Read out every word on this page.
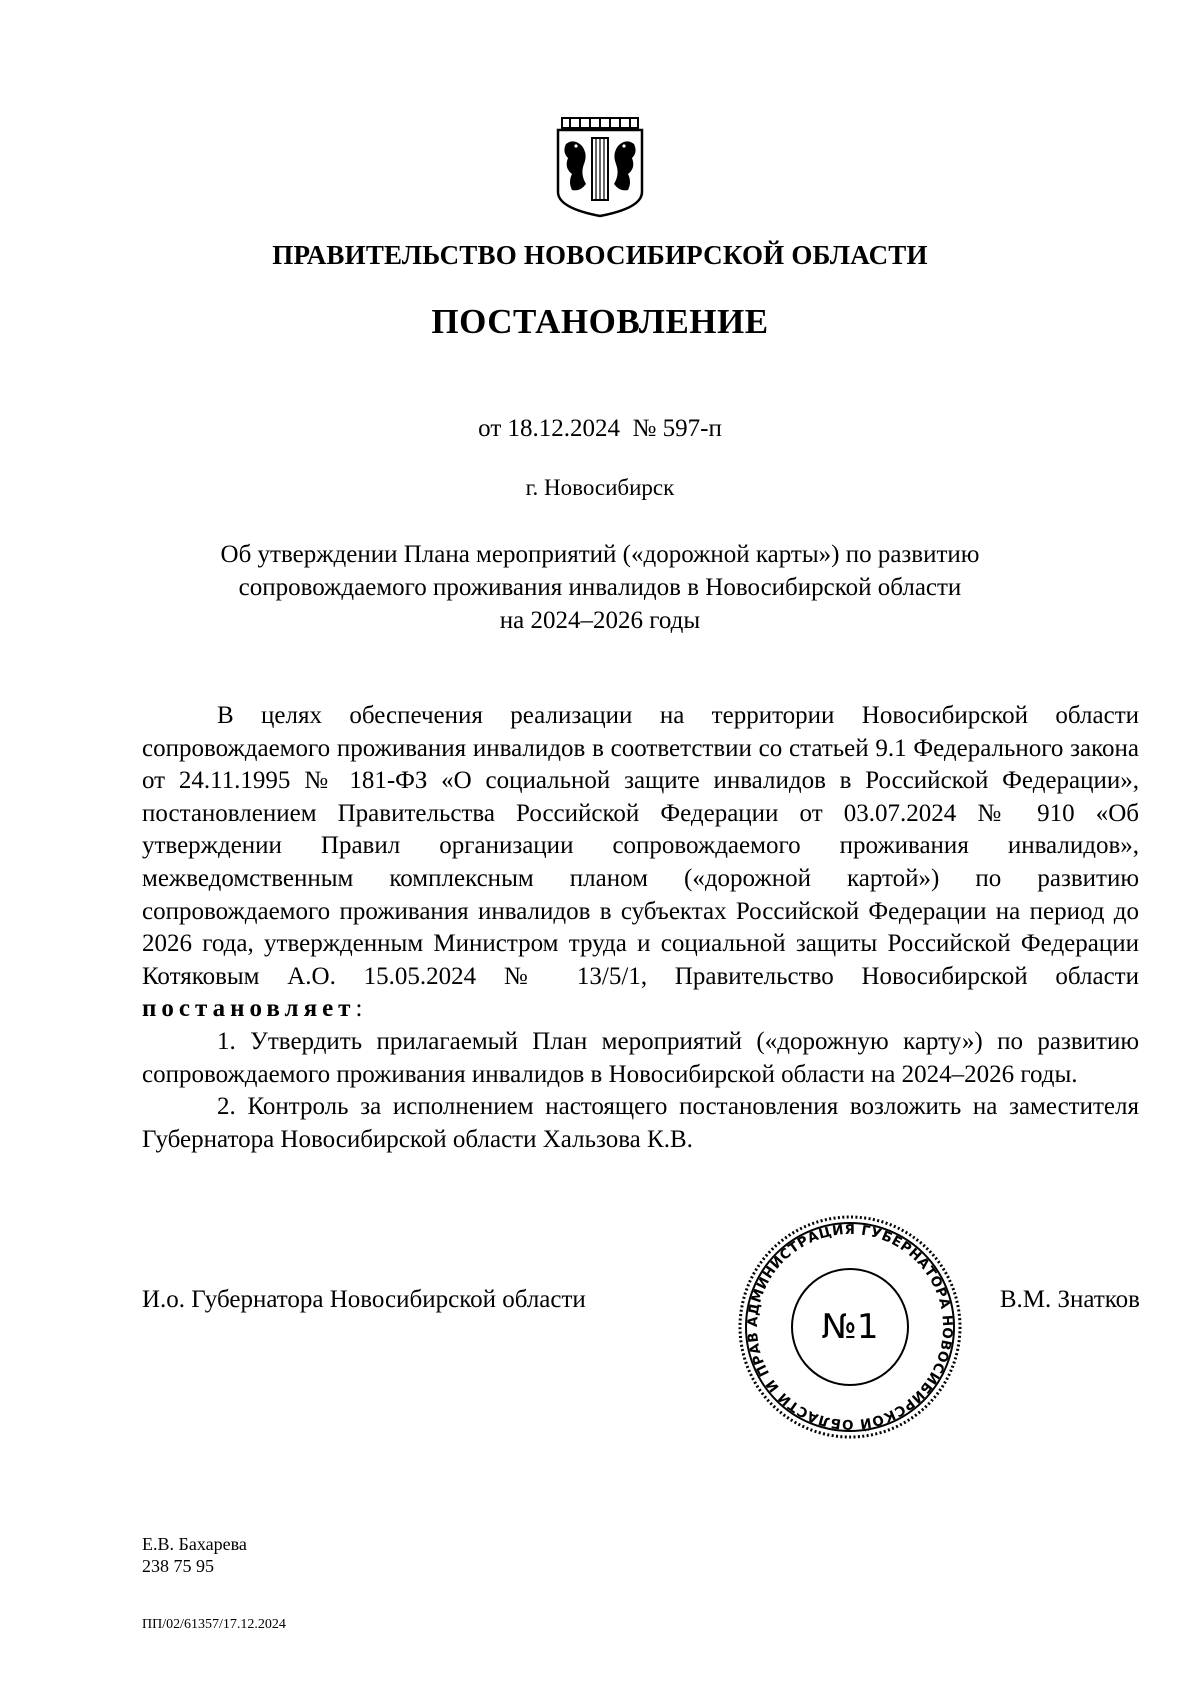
ПРАВИТЕЛЬСТВО НОВОСИБИРСКОЙ ОБЛАСТИ
ПОСТАНОВЛЕНИЕ
от 18.12.2024  № 597-п
г. Новосибирск
Об утверждении Плана мероприятий («дорожной карты») по развитию
сопровождаемого проживания инвалидов в Новосибирской области
на 2024–2026 годы

В целях обеспечения реализации на территории Новосибирской области сопровождаемого проживания инвалидов в соответствии со статьей 9.1 Федерального закона от 24.11.1995 № 181-ФЗ «О социальной защите инвалидов в Российской Федерации», постановлением Правительства Российской Федерации от 03.07.2024 № 910 «Об утверждении Правил организации сопровождаемого проживания инвалидов», межведомственным комплексным планом («дорожной картой») по развитию сопровождаемого проживания инвалидов в субъектах Российской Федерации на период до 2026 года, утвержденным Министром труда и социальной защиты Российской Федерации Котяковым А.О. 15.05.2024 № 13/5/1, Правительство Новосибирской области постановляет:

1. Утвердить прилагаемый План мероприятий («дорожную карту») по развитию сопровождаемого проживания инвалидов в Новосибирской области на 2024–2026 годы.

2. Контроль за исполнением настоящего постановления возложить на заместителя Губернатора Новосибирской области Хальзова К.В.

И.о. Губернатора Новосибирской области
АДМИНИСТРАЦИЯ ГУБЕРНАТОРА НОВОСИБИРСКОЙ ОБЛАСТИ И ПРАВ	№1
В.М. Знатков
Е.В. Бахарева
238 75 95
ПП/02/61357/17.12.2024
